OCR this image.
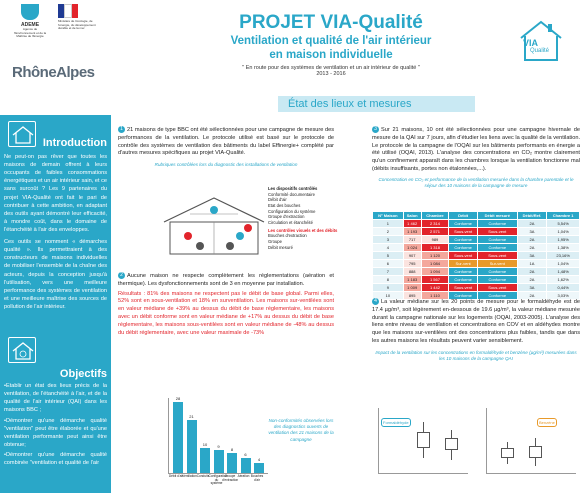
ADEME
Agence de l'Environnement et de la Maîtrise de l'Energie
Ministère de l'écologie, de l'énergie, du développement durable et de la mer
RhôneAlpes
Introduction

Ne peut-on pas rêver que toutes les maisons de demain offrent à leurs occupants de faibles consommations énergétiques et un air intérieur sain, et ce sans surcoût ? Les 9 partenaires du projet VIA-Qualité ont fait le pari de contribuer à cette ambition, en adaptant des outils ayant démontré leur efficacité, à mondre coût, dans le domaine de l'étanchéité à l'air des enveloppes.

Ces outils se nomment « démarches qualité ». Ils permettraient à des constructeurs de maisons individuelles de mobiliser l'ensemble de la chaîne des acteurs, depuis la conception jusqu'à l'utilisation, vers une meilleure performance des systèmes de ventilation et une meilleure maîtrise des sources de pollution de l'air intérieur.

Objectifs

•Etablir un état des lieux précis de la ventilation, de l'étanchéité à l'air, et de la qualité de l'air intérieur (QAI) dans les maisons BBC ;

•Démontrer qu'une démarche qualité "ventilation" peut être élaborée et qu'une ventilation performante peut ainsi être obtenue;

•Démontrer qu'une démarche qualité combinée "ventilation et qualité de l'air

PROJET VIA-Qualité
Ventilation et qualité de l'air intérieur
en maison individuelle
" En route pour des systèmes de ventilation et un air intérieur de qualité "
2013 - 2016
VIA
Qualité
État des lieux et mesures
1 21 maisons de type BBC ont été sélectionnées pour une campagne de mesure des performances de la ventilation. Le protocole utilisé est basé sur le protocole de contrôle des systèmes de ventilation des bâtiments du label Effinergie+ complété par d'autres mesures spécifiques au projet VIA-Qualité.
Rubriques contrôlées lors du diagnostic des installations de ventilation
Les dispositifs contrôlés
Conformité documentaire
Débit d'air
Etat des bouches
Configuration du système
Groupe d'extraction
Circulation et étanchéité
Les contrôles visuels et des débits
Bouches d'extraction
Groupe
Débit mesuré
2 Aucune maison ne respecte complètement les réglementations (aération et thermique). Les dysfonctionnements sont de 3 en moyenne par installation.
Résultats : 81% des maisons ne respectent pas le débit de base global. Parmi elles, 52% sont en sous-ventilation et 18% en surventilation. Les maisons sur-ventilées sont en valeur médiane de +39% au dessus du débit de base réglementaire, les maisons avec un débit conforme sont en valeur médiane de +17% au dessus du débit de base réglementaire, les maisons sous-ventilées sont en valeur médiane de -48% au dessus du débit réglementaire, avec une valeur maximale de -73%
28
21
10
9
8
6
4
Débit d'air Ventilation Conduits Configuration du système
Groupe d'extraction
Aération Bouches d'air
Non-conformités observées lors des diagnostics ouverts de ventilation des 21 maisons de la campagne
3 Sur 21 maisons, 10 ont été sélectionnées pour une campagne hivernale de mesure de la QAI sur 7 jours, afin d'étudier les liens avec la qualité de la ventilation. Le protocole de la campagne de l'OQAI sur les bâtiments performants en énergie a été utilisé (OQAI, 2013). L'analyse des concentrations en CO₂ montre clairement qu'un confinement apparaît dans les chambres lorsque la ventilation fonctionne mal (débits insuffisants, portes non étalonnées,...).
Concentration en CO₂ et performance de la ventilation mesurée dans la chambre parentale et le séjour des 10 maisons de la campagne de mesure
N° Maison	Salon	Chambre	Débit	Débit mesuré	Débit/Ref.	Chambre 1
1	1 462	2 314	Conforme	Conforme	2A	5,54%
2	1 193	2 571	Sous-vent	Sous-vent	3A	1,04%
3	717	989	Conforme	Conforme	2A	1,95%
4	1 024	1 318	Conforme	Conforme	2A	1,38%
5	907	1 120	Sous-vent	Sous-vent	3A	23,16%
6	795	1 084	Sur-vent	Sur-vent	1A	1,04%
7	888	1 094	Conforme	Conforme	2A	1,48%
8	1 183	1 567	Conforme	Conforme	2A	1,62%
9	1 009	1 442	Sous-vent	Sous-vent	3A	0,44%
10	895	1 110	Conforme	Conforme	2A	3,03%
4 La valeur médiane sur les 20 points de mesure pour le formaldéhyde est de 17.4 µg/m³, soit légèrement en-dessous de 19.6 µg/m³, la valeur médiane mesurée durant la campagne nationale sur les logements (OQAI, 2003-2005). L'analyse des liens entre niveau de ventilation et concentrations en COV et en aldéhydes montre que les maisons sur-ventilées ont des concentrations plus faibles, tandis que dans les autres maisons les résultats peuvent varier sensiblement.
Impact de la ventilation sur les concentrations en formaldéhyde et benzène (µg/m³) mesurées dans les 10 maisons de la campagne QAI
Formaldéhyde	Benzène
